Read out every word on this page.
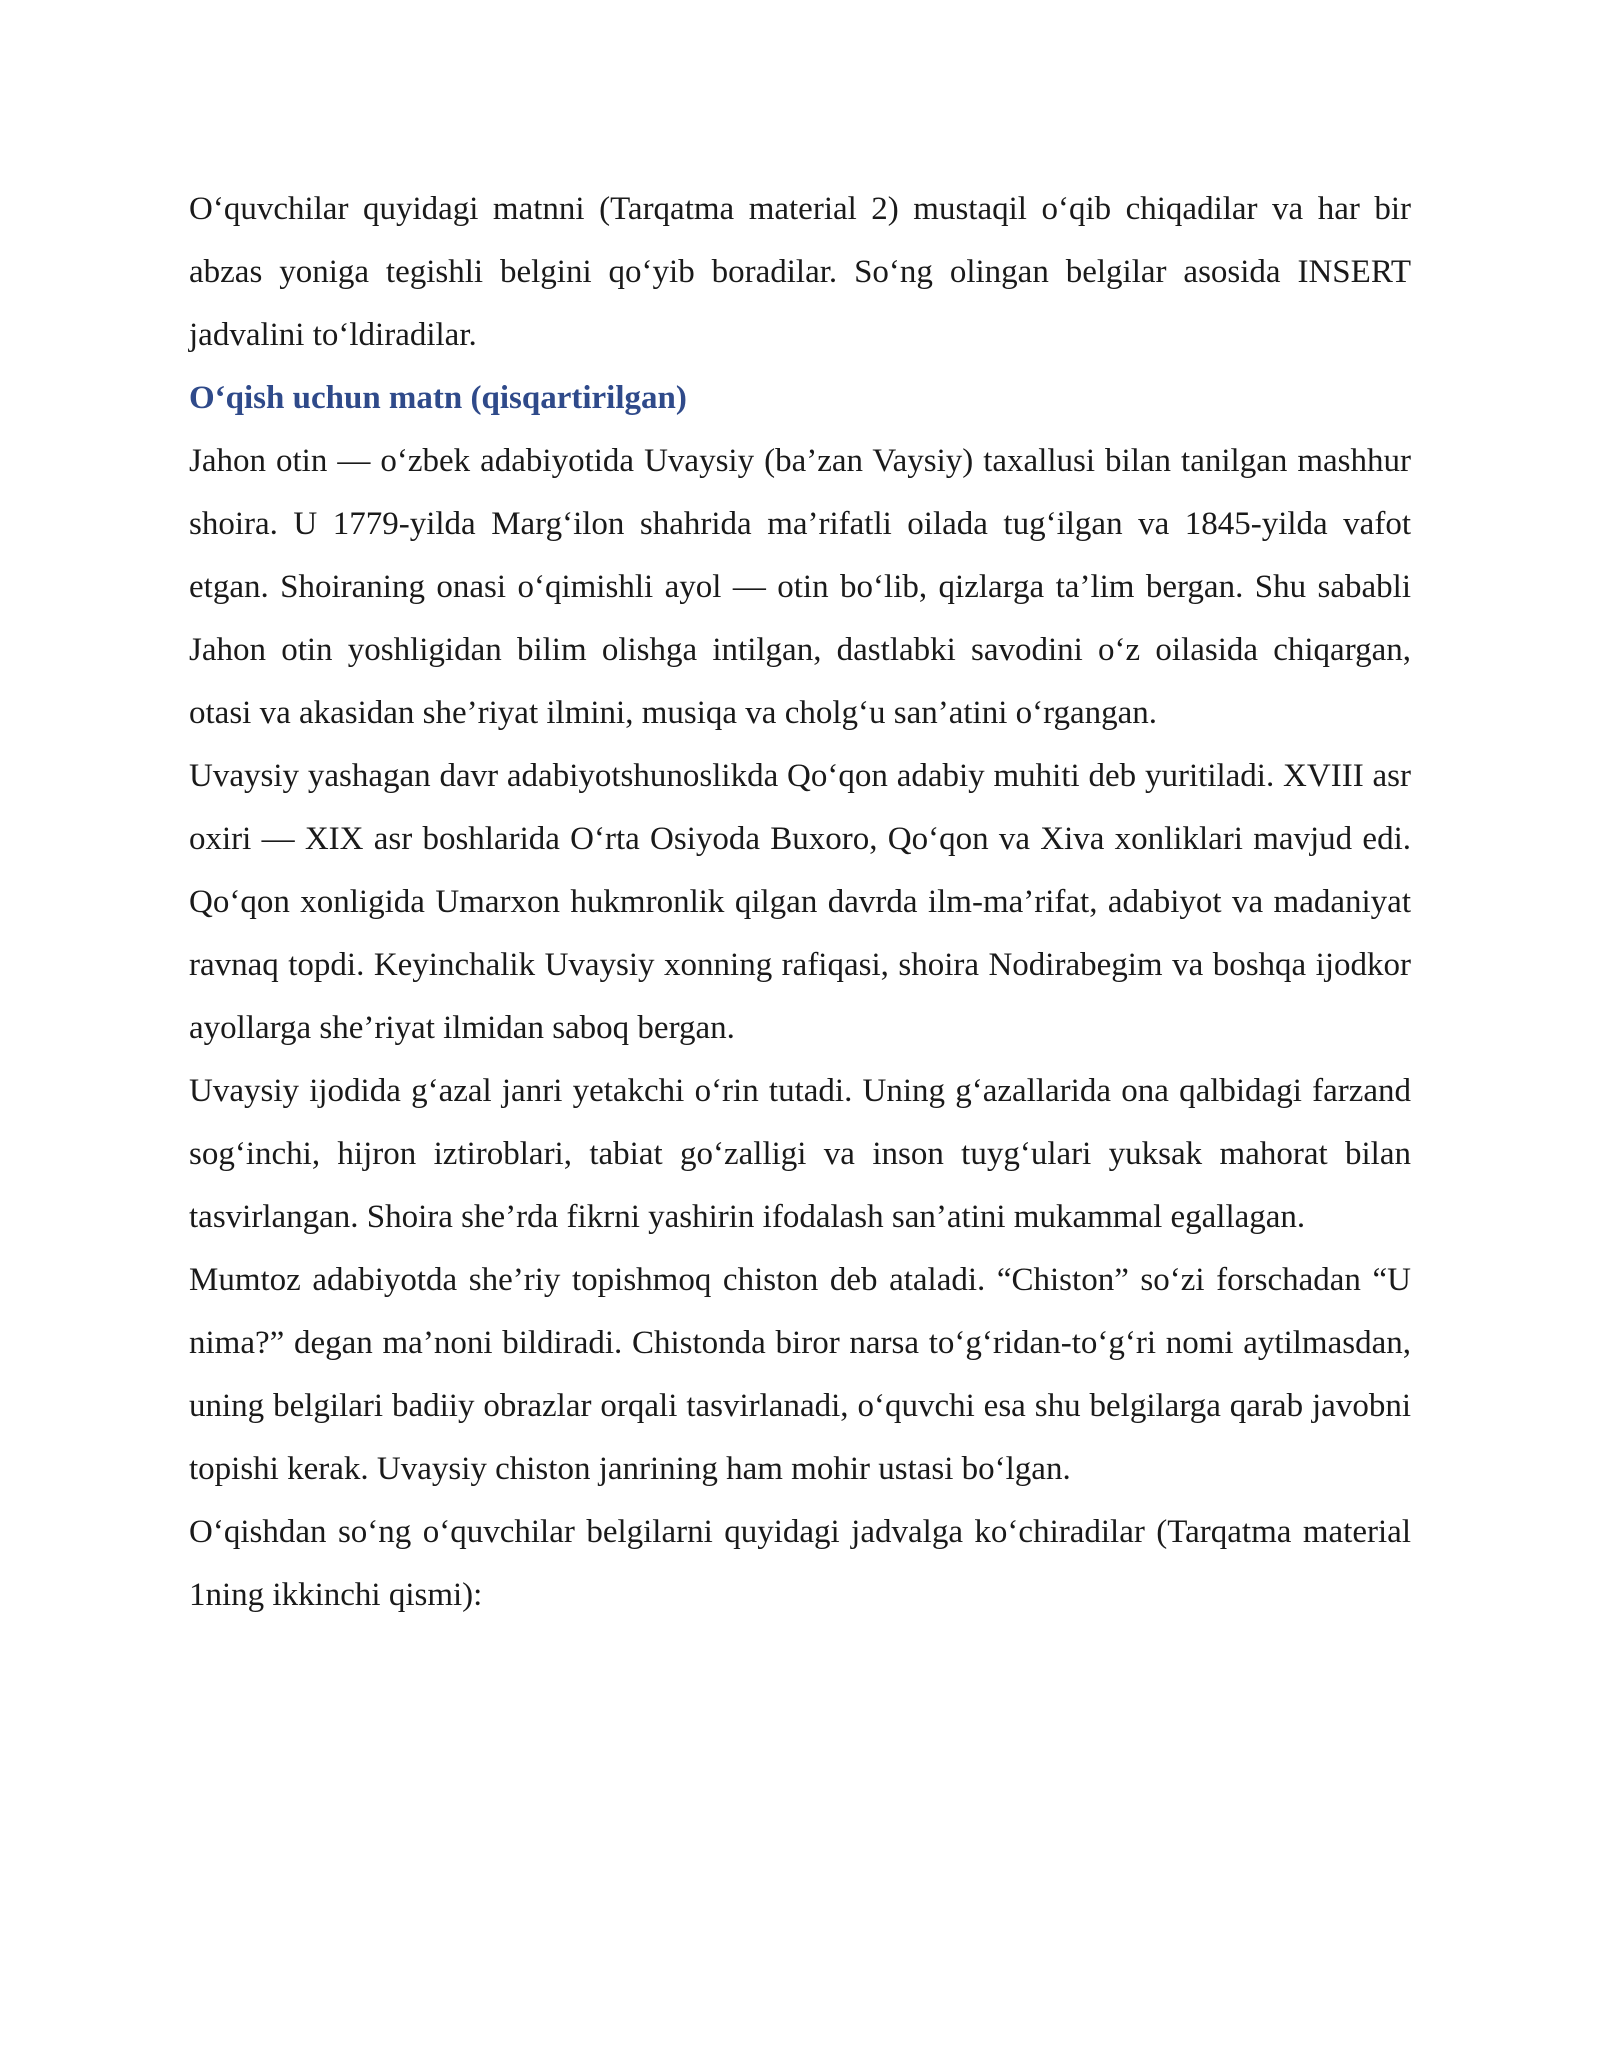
O‘quvchilar quyidagi matnni (Tarqatma material 2) mustaqil o‘qib chiqadilar va har bir abzas yoniga tegishli belgini qo‘yib boradilar. So‘ng olingan belgilar asosida INSERT jadvalini to‘ldiradilar.

O‘qish uchun matn (qisqartirilgan)

Jahon otin — o‘zbek adabiyotida Uvaysiy (ba’zan Vaysiy) taxallusi bilan tanilgan mashhur shoira. U 1779-yilda Marg‘ilon shahrida ma’rifatli oilada tug‘ilgan va 1845-yilda vafot etgan. Shoiraning onasi o‘qimishli ayol — otin bo‘lib, qizlarga ta’lim bergan. Shu sababli Jahon otin yoshligidan bilim olishga intilgan, dastlabki savodini o‘z oilasida chiqargan, otasi va akasidan she’riyat ilmini, musiqa va cholg‘u san’atini o‘rgangan.

Uvaysiy yashagan davr adabiyotshunoslikda Qo‘qon adabiy muhiti deb yuritiladi. XVIII asr oxiri — XIX asr boshlarida O‘rta Osiyoda Buxoro, Qo‘qon va Xiva xonliklari mavjud edi. Qo‘qon xonligida Umarxon hukmronlik qilgan davrda ilm-ma’rifat, adabiyot va madaniyat ravnaq topdi. Keyinchalik Uvaysiy xonning rafiqasi, shoira Nodirabegim va boshqa ijodkor ayollarga she’riyat ilmidan saboq bergan.

Uvaysiy ijodida g‘azal janri yetakchi o‘rin tutadi. Uning g‘azallarida ona qalbidagi farzand sog‘inchi, hijron iztiroblari, tabiat go‘zalligi va inson tuyg‘ulari yuksak mahorat bilan tasvirlangan. Shoira she’rda fikrni yashirin ifodalash san’atini mukammal egallagan.

Mumtoz adabiyotda she’riy topishmoq chiston deb ataladi. “Chiston” so‘zi forschadan “U nima?” degan ma’noni bildiradi. Chistonda biror narsa to‘g‘ridan-to‘g‘ri nomi aytilmasdan, uning belgilari badiiy obrazlar orqali tasvirlanadi, o‘quvchi esa shu belgilarga qarab javobni topishi kerak. Uvaysiy chiston janrining ham mohir ustasi bo‘lgan.

O‘qishdan so‘ng o‘quvchilar belgilarni quyidagi jadvalga ko‘chiradilar (Tarqatma material 1ning ikkinchi qismi):
